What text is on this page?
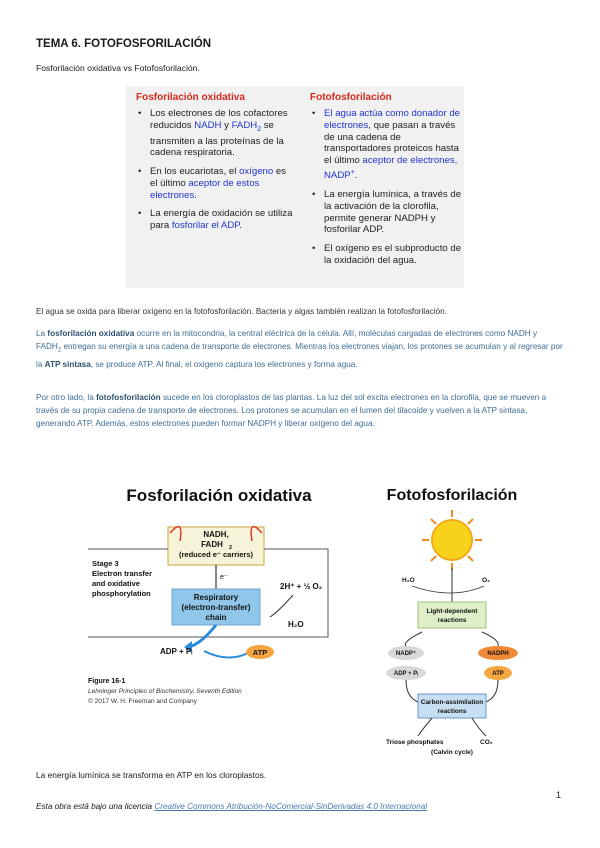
TEMA 6. FOTOFOSFORILACIÓN
Fosforilación oxidativa vs Fotofosforilación.
Fosforilación oxidativa
• Los electrones de los cofactores reducidos NADH y $FADH_2$ se transmiten a las proteínas de la cadena respiratoria.
• En los eucariotas, el oxígeno es el último aceptor de estos electrones.
• La energía de oxidación se utiliza para fosforilar el ADP.
Fotofosforilación
• El agua actúa como donador de electrones, que pasan a través de una cadena de transportadores proteicos hasta el último aceptor de electrones, NADP+.
• La energía lumínica, a través de la activación de la clorofila, permite generar NADPH y fosforilar ADP.
• El oxígeno es el subproducto de la oxidación del agua.
El agua se oxida para liberar oxígeno en la fotofosforilación. Bacteria y algas también realizan la fotofosforilación.
La fosforilación oxidativa ocurre en la mitocondria, la central eléctrica de la célula. Allí, moléculas cargadas de electrones como NADH y $FADH_2$ entregan su energía a una cadena de transporte de electrones. Mientras los electrones viajan, los protones se acumulan y al regresar por la ATP sintasa, se produce ATP. Al final, el oxígeno captura los electrones y forma agua.
Por otro lado, la fotofosforilación sucede en los cloroplastos de las plantas. La luz del sol excita electrones en la clorofila, que se mueven a través de su propia cadena de transporte de electrones. Los protones se acumulan en el lumen del tilacoide y vuelven a la ATP sintasa, generando ATP. Además, estos electrones pueden formar NADPH y liberar oxígeno del agua.
Fosforilación oxidativa
NADH,
FADH 2
(reduced e⁻ carriers)
Stage 3
Electron transfer
and oxidative
phosphorylation
e⁻
Respiratory
(electron-transfer)
chain
2H⁺ + ½ O₂
H₂O
ADP + Pᵢ	ATP
Figure 16-1
Lehninger Principles of Biochemistry, Seventh Edition
© 2017 W. H. Freeman and Company
Fotofosforilación
H₂O	O₂
Light-dependent
reactions
NADP⁺	NADPH
ADP + Pᵢ	ATP
Carbon-assimilation
reactions
Triose phosphates	CO₂
(Calvin cycle)
La energía lumínica se transforma en ATP en los cloroplastos.
1
Esta obra está bajo una licencia Creative Commons Atribución-NoComercial-SinDerivadas 4.0 Internacional
